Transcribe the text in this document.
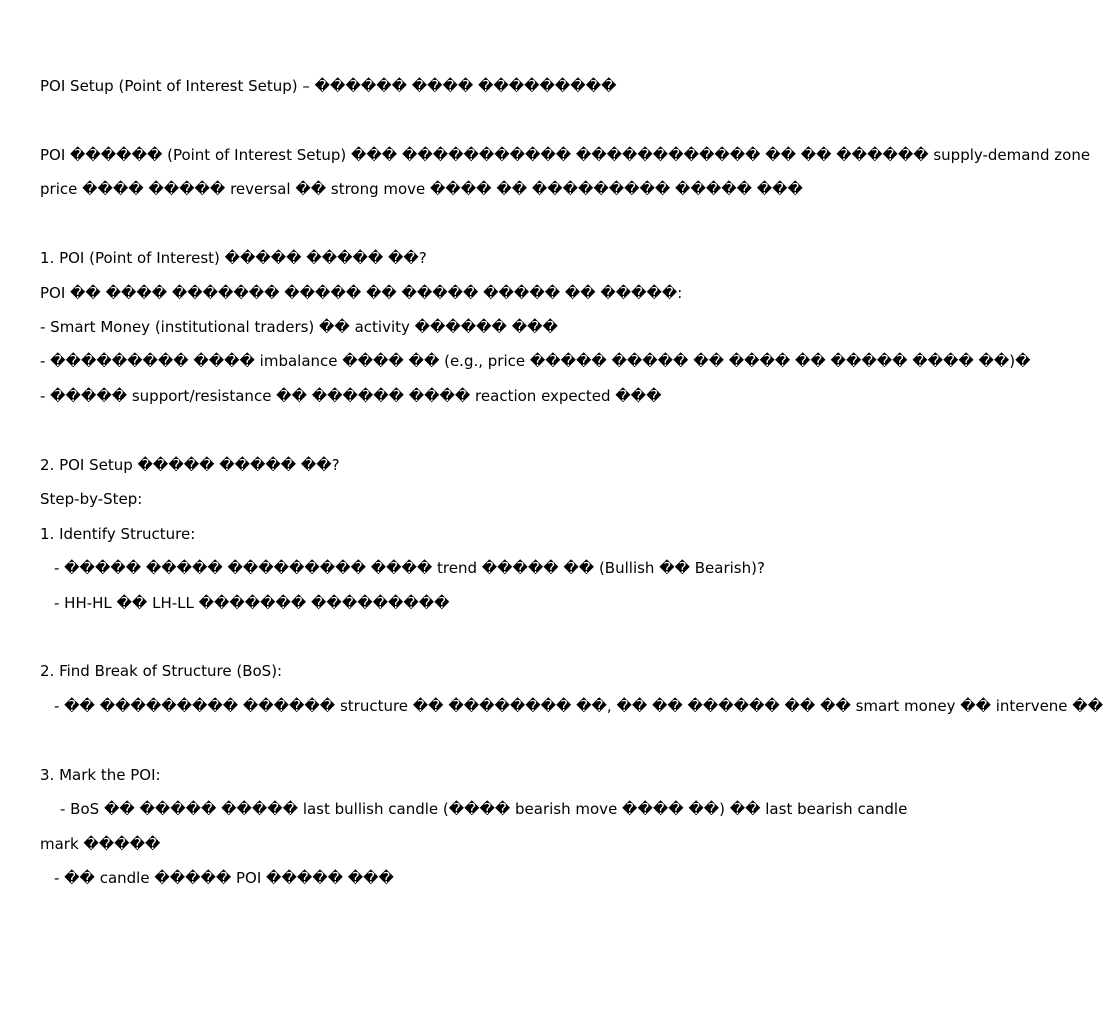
POI Setup (Point of Interest Setup) – ������ ���� ���������
POI ������ (Point of Interest Setup) ��� ����������� ������������ �� �� ������ supply-demand zone
price ���� ����� reversal �� strong move ���� �� ��������� ����� ���
1. POI (Point of Interest) ����� ����� ��?
POI �� ���� ������� ����� �� ����� ����� �� �����:
- Smart Money (institutional traders) �� activity ������ ���
- ��������� ���� imbalance ���� �� (e.g., price ����� ����� �� ���� �� ����� ���� ��)�
- ����� support/resistance �� ������ ���� reaction expected ���
2. POI Setup ����� ����� ��?
Step-by-Step:
1. Identify Structure:
- ����� ����� ��������� ���� trend ����� �� (Bullish �� Bearish)?
- HH-HL �� LH-LL ������� ���������
2. Find Break of Structure (BoS):
- �� ��������� ������ structure �� �������� ��, �� �� ������ �� �� smart money �� intervene ��
3. Mark the POI:
- BoS �� ����� ����� last bullish candle (���� bearish move ���� ��) �� last bearish candle
mark �����
- �� candle ����� POI ����� ���
